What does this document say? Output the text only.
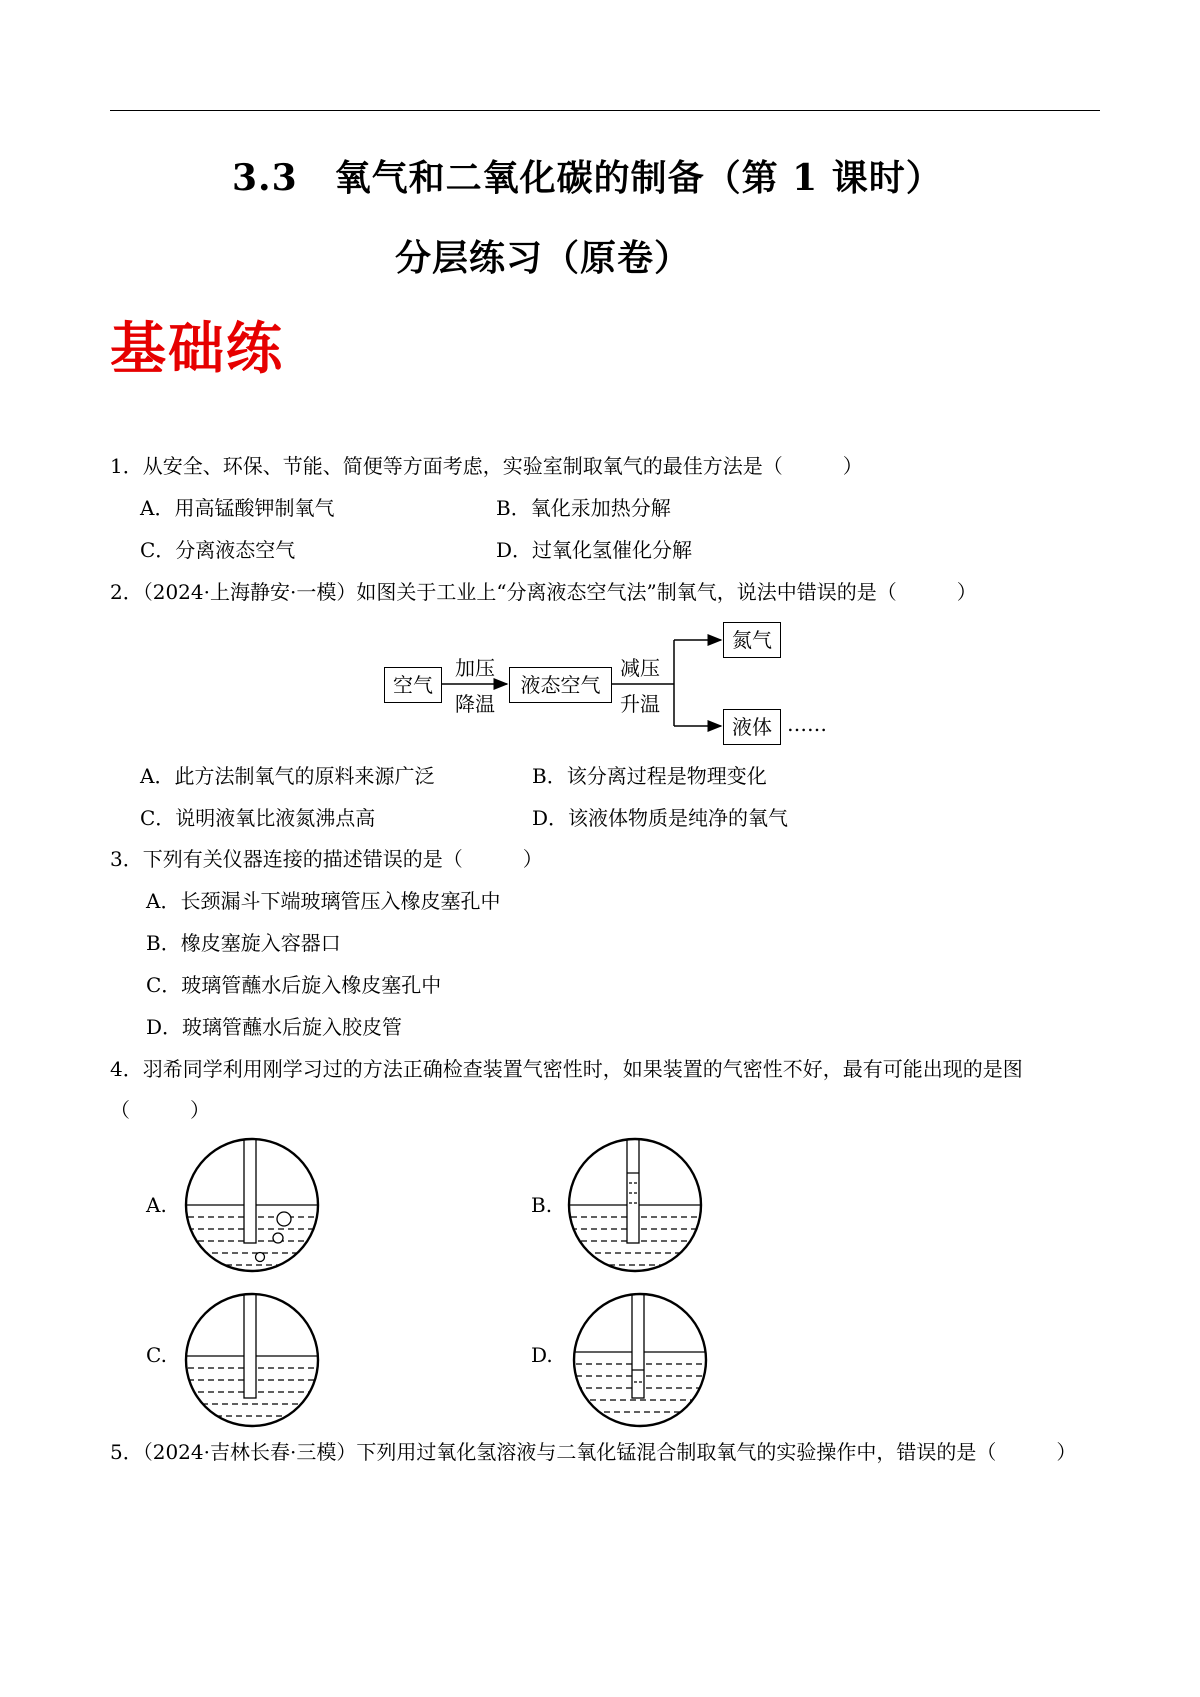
3.3　氧气和二氧化碳的制备（第 1 课时）
分层练习（原卷）
基础练
1．从安全、环保、节能、简便等方面考虑，实验室制取氧气的最佳方法是（　　　）
A．用高锰酸钾制氧气	B．氧化汞加热分解
C．分离液态空气	D．过氧化氢催化分解
2．（2024·上海静安·一模）如图关于工业上“分离液态空气法”制氧气，说法中错误的是（　　　）
空气
加压
降温
液态空气
减压
升温
氮气
液体 ……
A．此方法制氧气的原料来源广泛	B．该分离过程是物理变化
C．说明液氧比液氮沸点高	D．该液体物质是纯净的氧气
3．下列有关仪器连接的描述错误的是（　　　）
A．长颈漏斗下端玻璃管压入橡皮塞孔中
B．橡皮塞旋入容器口
C．玻璃管蘸水后旋入橡皮塞孔中
D．玻璃管蘸水后旋入胶皮管
4．羽希同学利用刚学习过的方法正确检查装置气密性时，如果装置的气密性不好，最有可能出现的是图
（　　　）
A.	B.
C.	D.
5．（2024·吉林长春·三模）下列用过氧化氢溶液与二氧化锰混合制取氧气的实验操作中，错误的是（　　　）
